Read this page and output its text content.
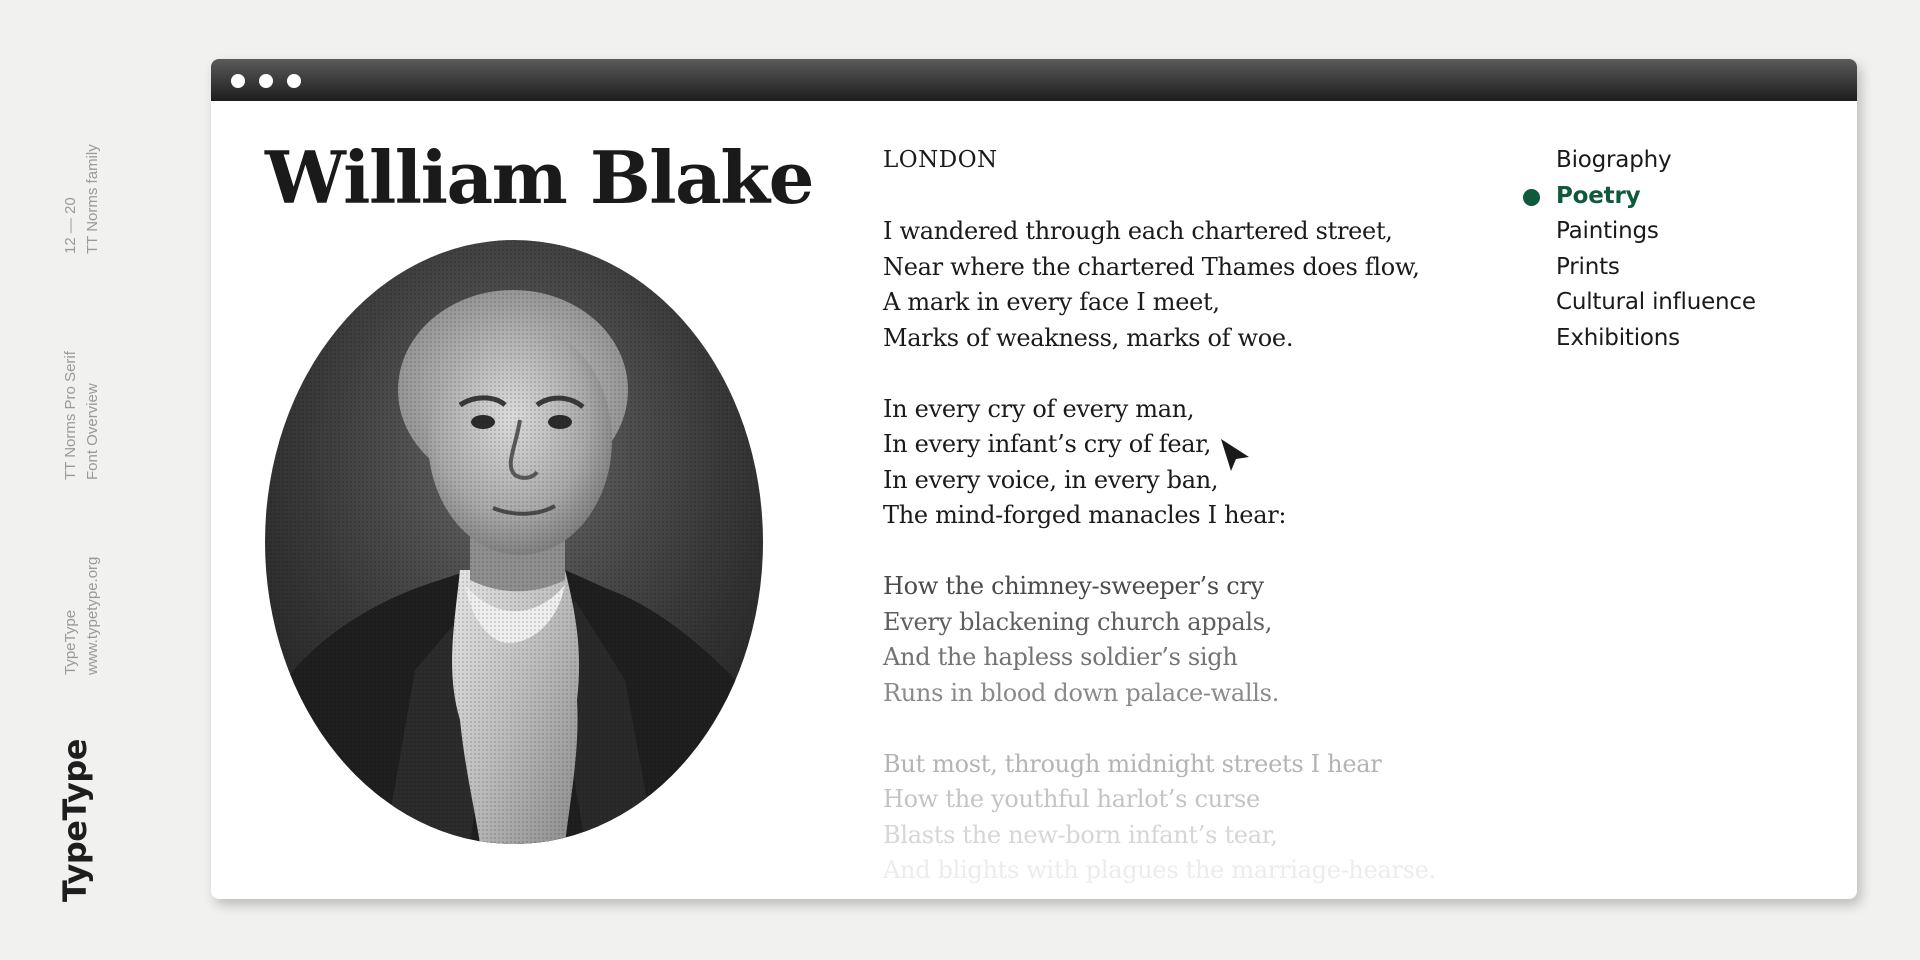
12 — 20 TT Norms family
TT Norms Pro Serif Font Overview
TypeType www.typetype.org
TypeType
William Blake	LONDON
I wandered through each chartered street,
Near where the chartered Thames does flow,
A mark in every face I meet,
Marks of weakness, marks of woe.
In every cry of every man,
In every infant’s cry of fear,
In every voice, in every ban,
The mind-forged manacles I hear:
How the chimney-sweeper’s cry
Every blackening church appals,
And the hapless soldier’s sigh
Runs in blood down palace-walls.
But most, through midnight streets I hear
How the youthful harlot’s curse
Blasts the new-born infant’s tear,
And blights with plagues the marriage-hearse.
Biography
Poetry
Paintings
Prints
Cultural influence
Exhibitions
